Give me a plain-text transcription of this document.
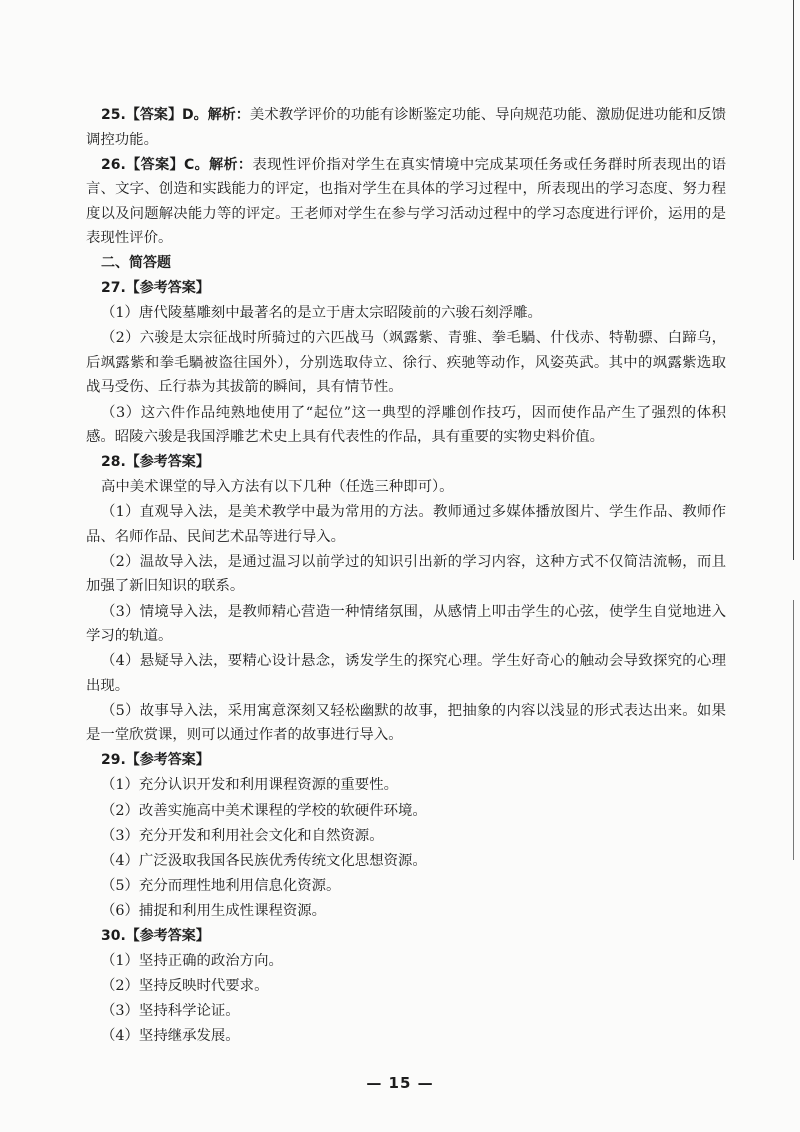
25.【答案】D。解析：美术教学评价的功能有诊断鉴定功能、导向规范功能、激励促进功能和反馈调控功能。

26.【答案】C。解析：表现性评价指对学生在真实情境中完成某项任务或任务群时所表现出的语言、文字、创造和实践能力的评定，也指对学生在具体的学习过程中，所表现出的学习态度、努力程度以及问题解决能力等的评定。王老师对学生在参与学习活动过程中的学习态度进行评价，运用的是表现性评价。

二、简答题

27.【参考答案】

（1）唐代陵墓雕刻中最著名的是立于唐太宗昭陵前的六骏石刻浮雕。

（2）六骏是太宗征战时所骑过的六匹战马（飒露紫、青骓、拳毛騧、什伐赤、特勒骠、白蹄乌，后飒露紫和拳毛騧被盗往国外），分别选取侍立、徐行、疾驰等动作，风姿英武。其中的飒露紫选取战马受伤、丘行恭为其拔箭的瞬间，具有情节性。

（3）这六件作品纯熟地使用了“起位”这一典型的浮雕创作技巧，因而使作品产生了强烈的体积感。昭陵六骏是我国浮雕艺术史上具有代表性的作品，具有重要的实物史料价值。

28.【参考答案】

高中美术课堂的导入方法有以下几种（任选三种即可）。

（1）直观导入法，是美术教学中最为常用的方法。教师通过多媒体播放图片、学生作品、教师作品、名师作品、民间艺术品等进行导入。

（2）温故导入法，是通过温习以前学过的知识引出新的学习内容，这种方式不仅简洁流畅，而且加强了新旧知识的联系。

（3）情境导入法，是教师精心营造一种情绪氛围，从感情上叩击学生的心弦，使学生自觉地进入学习的轨道。

（4）悬疑导入法，要精心设计悬念，诱发学生的探究心理。学生好奇心的触动会导致探究的心理出现。

（5）故事导入法，采用寓意深刻又轻松幽默的故事，把抽象的内容以浅显的形式表达出来。如果是一堂欣赏课，则可以通过作者的故事进行导入。

29.【参考答案】

（1）充分认识开发和利用课程资源的重要性。

（2）改善实施高中美术课程的学校的软硬件环境。

（3）充分开发和利用社会文化和自然资源。

（4）广泛汲取我国各民族优秀传统文化思想资源。

（5）充分而理性地利用信息化资源。

（6）捕捉和利用生成性课程资源。

30.【参考答案】

（1）坚持正确的政治方向。

（2）坚持反映时代要求。

（3）坚持科学论证。

（4）坚持继承发展。

— 15 —
